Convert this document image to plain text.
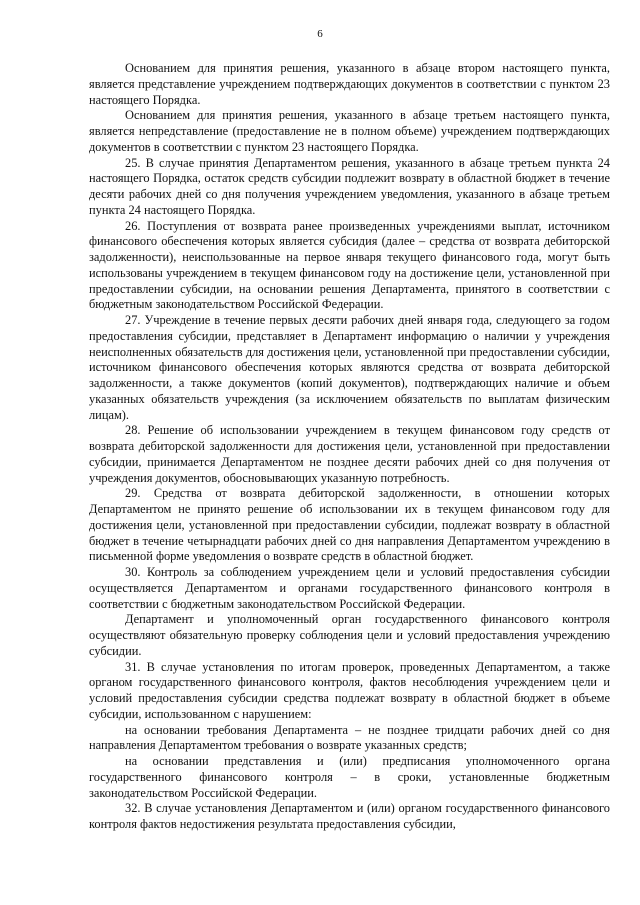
6

Основанием для принятия решения, указанного в абзаце втором настоящего пункта, является представление учреждением подтверждающих документов в соответствии с пунктом 23 настоящего Порядка.

Основанием для принятия решения, указанного в абзаце третьем настоящего пункта, является непредставление (предоставление не в полном объеме) учреждением подтверждающих документов в соответствии с пунктом 23 настоящего Порядка.

25. В случае принятия Департаментом решения, указанного в абзаце третьем пункта 24 настоящего Порядка, остаток средств субсидии подлежит возврату в областной бюджет в течение десяти рабочих дней со дня получения учреждением уведомления, указанного в абзаце третьем пункта 24 настоящего Порядка.

26. Поступления от возврата ранее произведенных учреждениями выплат, источником финансового обеспечения которых является субсидия (далее – средства от возврата дебиторской задолженности), неиспользованные на первое января текущего финансового года, могут быть использованы учреждением в текущем финансовом году на достижение цели, установленной при предоставлении субсидии, на основании решения Департамента, принятого в соответствии с бюджетным законодательством Российской Федерации.

27. Учреждение в течение первых десяти рабочих дней января года, следующего за годом предоставления субсидии, представляет в Департамент информацию о наличии у учреждения неисполненных обязательств для достижения цели, установленной при предоставлении субсидии, источником финансового обеспечения которых являются средства от возврата дебиторской задолженности, а также документов (копий документов), подтверждающих наличие и объем указанных обязательств учреждения (за исключением обязательств по выплатам физическим лицам).

28. Решение об использовании учреждением в текущем финансовом году средств от возврата дебиторской задолженности для достижения цели, установленной при предоставлении субсидии, принимается Департаментом не позднее десяти рабочих дней со дня получения от учреждения документов, обосновывающих указанную потребность.

29. Средства от возврата дебиторской задолженности, в отношении которых Департаментом не принято решение об использовании их в текущем финансовом году для достижения цели, установленной при предоставлении субсидии, подлежат возврату в областной бюджет в течение четырнадцати рабочих дней со дня направления Департаментом учреждению в письменной форме уведомления о возврате средств в областной бюджет.

30. Контроль за соблюдением учреждением цели и условий предоставления субсидии осуществляется Департаментом и органами государственного финансового контроля в соответствии с бюджетным законодательством Российской Федерации.

Департамент и уполномоченный орган государственного финансового контроля осуществляют обязательную проверку соблюдения цели и условий предоставления учреждению субсидии.

31. В случае установления по итогам проверок, проведенных Департаментом, а также органом государственного финансового контроля, фактов несоблюдения учреждением цели и условий предоставления субсидии средства подлежат возврату в областной бюджет в объеме субсидии, использованном с нарушением:

на основании требования Департамента – не позднее тридцати рабочих дней со дня направления Департаментом требования о возврате указанных средств;

на основании представления и (или) предписания уполномоченного органа государственного финансового контроля – в сроки, установленные бюджетным законодательством Российской Федерации.

32. В случае установления Департаментом и (или) органом государственного финансового контроля фактов недостижения результата предоставления субсидии,
